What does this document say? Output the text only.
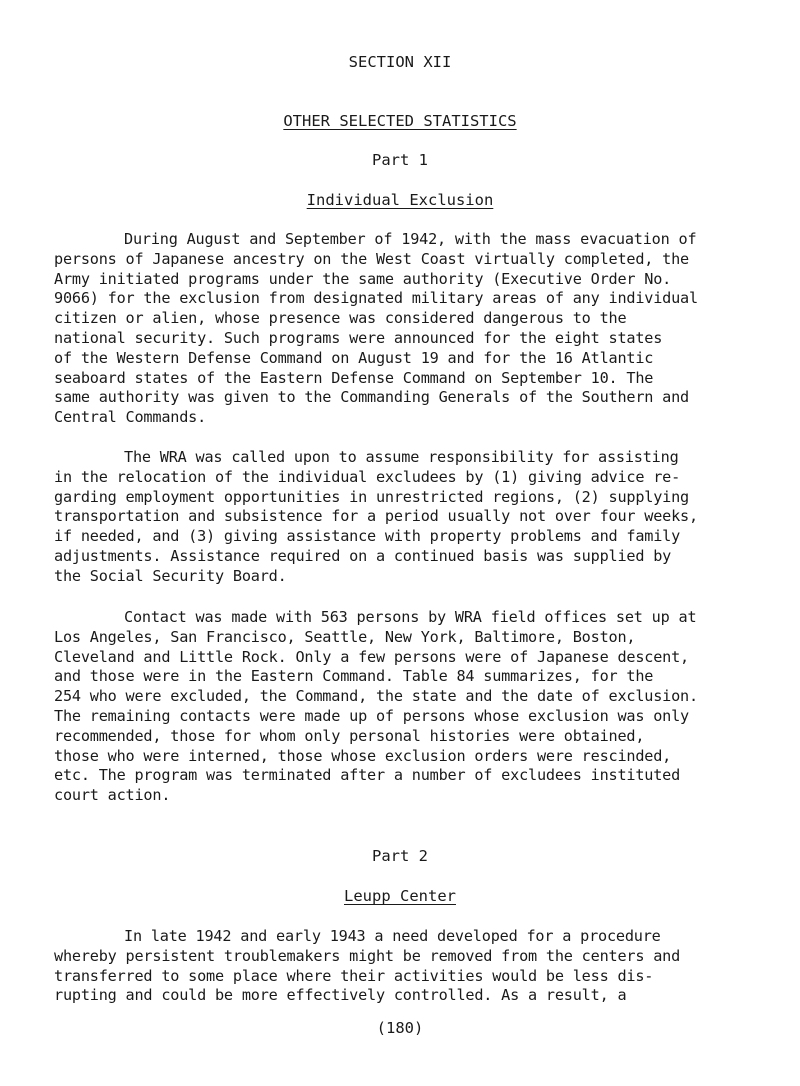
SECTION XII
OTHER SELECTED STATISTICS
Part 1
Individual Exclusion
During August and September of 1942, with the mass evacuation of
persons of Japanese ancestry on the West Coast virtually completed, the
Army initiated programs under the same authority (Executive Order No.
9066) for the exclusion from designated military areas of any individual
citizen or alien, whose presence was considered dangerous to the
national security. Such programs were announced for the eight states
of the Western Defense Command on August 19 and for the 16 Atlantic
seaboard states of the Eastern Defense Command on September 10. The
same authority was given to the Commanding Generals of the Southern and
Central Commands.
The WRA was called upon to assume responsibility for assisting
in the relocation of the individual excludees by (1) giving advice re-
garding employment opportunities in unrestricted regions, (2) supplying
transportation and subsistence for a period usually not over four weeks,
if needed, and (3) giving assistance with property problems and family
adjustments. Assistance required on a continued basis was supplied by
the Social Security Board.
Contact was made with 563 persons by WRA field offices set up at
Los Angeles, San Francisco, Seattle, New York, Baltimore, Boston,
Cleveland and Little Rock. Only a few persons were of Japanese descent,
and those were in the Eastern Command. Table 84 summarizes, for the
254 who were excluded, the Command, the state and the date of exclusion.
The remaining contacts were made up of persons whose exclusion was only
recommended, those for whom only personal histories were obtained,
those who were interned, those whose exclusion orders were rescinded,
etc. The program was terminated after a number of excludees instituted
court action.
Part 2
Leupp Center
In late 1942 and early 1943 a need developed for a procedure
whereby persistent troublemakers might be removed from the centers and
transferred to some place where their activities would be less dis-
rupting and could be more effectively controlled. As a result, a
(180)
